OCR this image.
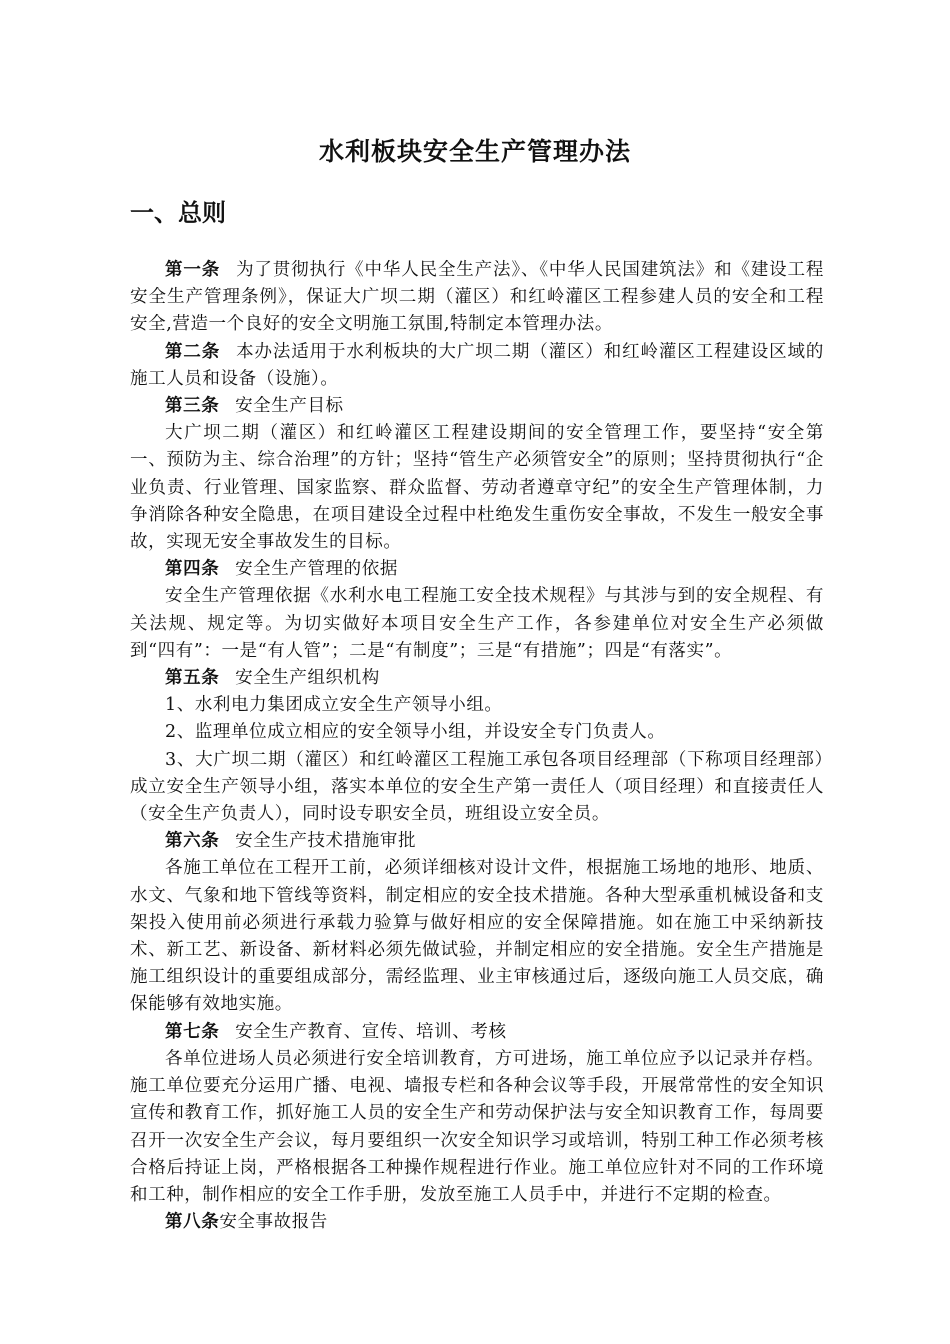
水利板块安全生产管理办法
一、总则

第一条 为了贯彻执行《中华人民全生产法》、《中华人民国建筑法》和《建设工程安全生产管理条例》，保证大广坝二期（灌区）和红岭灌区工程参建人员的安全和工程安全,营造一个良好的安全文明施工氛围,特制定本管理办法。

第二条 本办法适用于水利板块的大广坝二期（灌区）和红岭灌区工程建设区域的施工人员和设备（设施）。

第三条 安全生产目标

大广坝二期（灌区）和红岭灌区工程建设期间的安全管理工作，要坚持“安全第一、预防为主、综合治理”的方针；坚持“管生产必须管安全”的原则；坚持贯彻执行“企业负责、行业管理、国家监察、群众监督、劳动者遵章守纪”的安全生产管理体制，力争消除各种安全隐患，在项目建设全过程中杜绝发生重伤安全事故，不发生一般安全事故，实现无安全事故发生的目标。

第四条 安全生产管理的依据

安全生产管理依据《水利水电工程施工安全技术规程》与其涉与到的安全规程、有关法规、规定等。为切实做好本项目安全生产工作，各参建单位对安全生产必须做到“四有”：一是“有人管”；二是“有制度”；三是“有措施”；四是“有落实”。

第五条 安全生产组织机构

1、水利电力集团成立安全生产领导小组。

2、监理单位成立相应的安全领导小组，并设安全专门负责人。

3、大广坝二期（灌区）和红岭灌区工程施工承包各项目经理部（下称项目经理部）成立安全生产领导小组，落实本单位的安全生产第一责任人（项目经理）和直接责任人（安全生产负责人），同时设专职安全员，班组设立安全员。

第六条 安全生产技术措施审批

各施工单位在工程开工前，必须详细核对设计文件，根据施工场地的地形、地质、水文、气象和地下管线等资料，制定相应的安全技术措施。各种大型承重机械设备和支架投入使用前必须进行承载力验算与做好相应的安全保障措施。如在施工中采纳新技术、新工艺、新设备、新材料必须先做试验，并制定相应的安全措施。安全生产措施是施工组织设计的重要组成部分，需经监理、业主审核通过后，逐级向施工人员交底，确保能够有效地实施。

第七条 安全生产教育、宣传、培训、考核

各单位进场人员必须进行安全培训教育，方可进场，施工单位应予以记录并存档。施工单位要充分运用广播、电视、墙报专栏和各种会议等手段，开展常常性的安全知识宣传和教育工作，抓好施工人员的安全生产和劳动保护法与安全知识教育工作，每周要召开一次安全生产会议，每月要组织一次安全知识学习或培训，特别工种工作必须考核合格后持证上岗，严格根据各工种操作规程进行作业。施工单位应针对不同的工作环境和工种，制作相应的安全工作手册，发放至施工人员手中，并进行不定期的检查。

第八条安全事故报告
